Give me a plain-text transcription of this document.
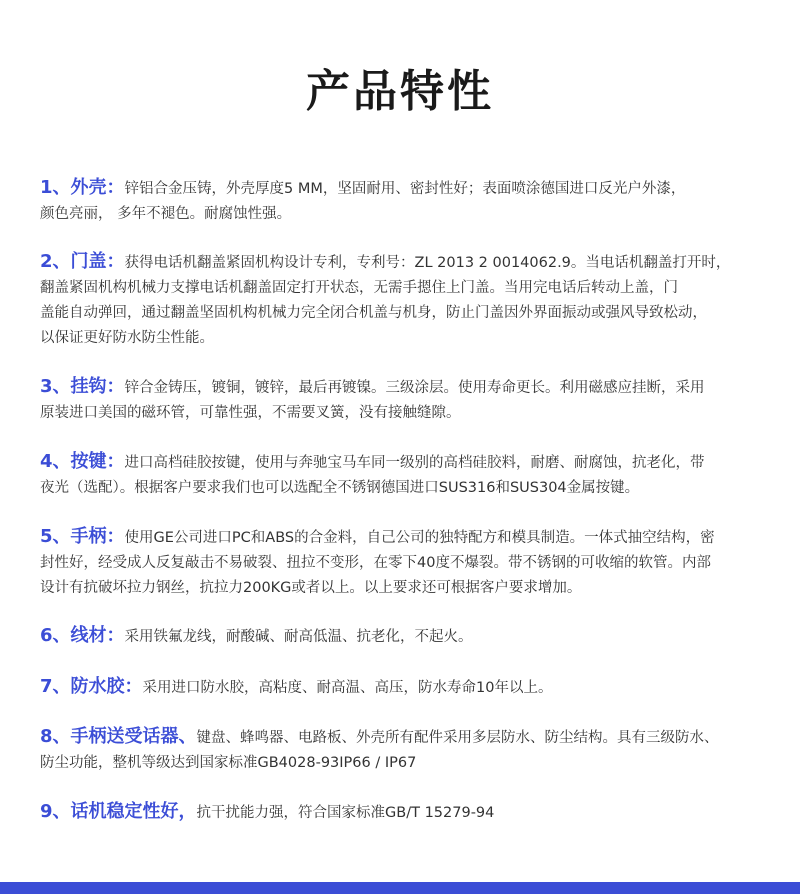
产品特性

1、外壳：锌铝合金压铸，外壳厚度5 MM，坚固耐用、密封性好；表面喷涂德国进口反光户外漆，

颜色亮丽， 多年不褪色。耐腐蚀性强。

2、门盖：获得电话机翻盖紧固机构设计专利，专利号：ZL 2013 2 0014062.9。当电话机翻盖打开时，

翻盖紧固机构机械力支撑电话机翻盖固定打开状态，无需手摁住上门盖。当用完电话后转动上盖，门

盖能自动弹回，通过翻盖坚固机构机械力完全闭合机盖与机身，防止门盖因外界面振动或强风导致松动，

以保证更好防水防尘性能。

3、挂钩：锌合金铸压，镀铜，镀锌，最后再镀镍。三级涂层。使用寿命更长。利用磁感应挂断，采用

原装进口美国的磁环管，可靠性强，不需要叉簧，没有接触缝隙。

4、按键：进口高档硅胶按键，使用与奔驰宝马车同一级别的高档硅胶料，耐磨、耐腐蚀，抗老化，带

夜光（选配）。根据客户要求我们也可以选配全不锈钢德国进口SUS316和SUS304金属按键。

5、手柄：使用GE公司进口PC和ABS的合金料，自己公司的独特配方和模具制造。一体式抽空结构，密

封性好，经受成人反复敲击不易破裂、扭拉不变形，在零下40度不爆裂。带不锈钢的可收缩的软管。内部

设计有抗破坏拉力钢丝，抗拉力200KG或者以上。以上要求还可根据客户要求增加。

6、线材：采用铁氟龙线，耐酸碱、耐高低温、抗老化，不起火。

7、防水胶：采用进口防水胶，高粘度、耐高温、高压，防水寿命10年以上。

8、手柄送受话器、键盘、蜂鸣器、电路板、外壳所有配件采用多层防水、防尘结构。具有三级防水、

防尘功能，整机等级达到国家标准GB4028-93IP66 / IP67

9、话机稳定性好，抗干扰能力强，符合国家标准GB/T 15279-94
